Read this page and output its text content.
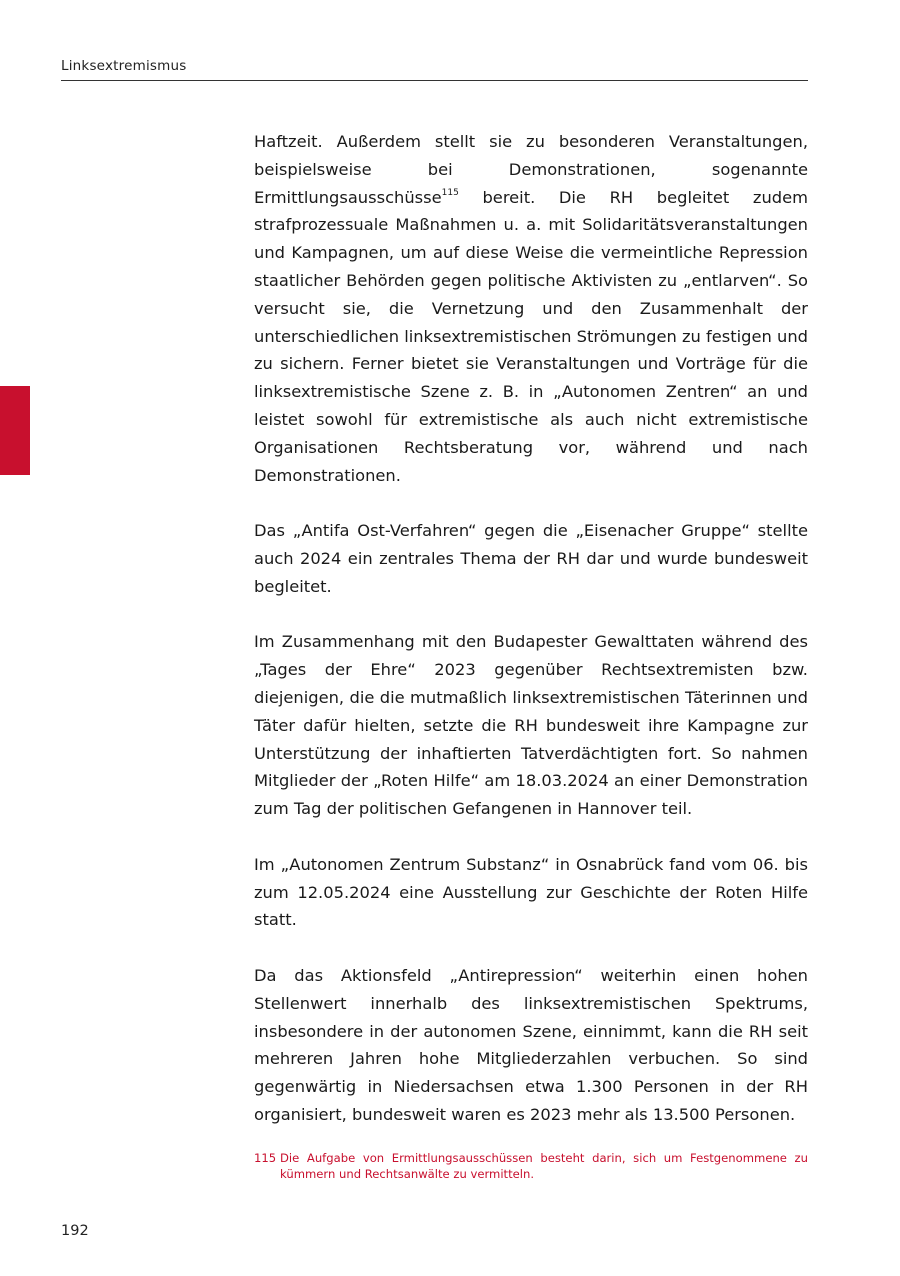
Linksextremismus

Haftzeit. Außerdem stellt sie zu besonderen Veranstaltungen, beispielsweise bei Demonstrationen, sogenannte Ermittlungsausschüsse$^{115}$ bereit. Die RH begleitet zudem strafprozessuale Maßnahmen u. a. mit Solidaritätsveranstaltungen und Kampagnen, um auf diese Weise die vermeintliche Repression staatlicher Behörden gegen politische Aktivisten zu „entlarven“. So versucht sie, die Vernetzung und den Zusammenhalt der unterschiedlichen linksextremistischen Strömungen zu festigen und zu sichern. Ferner bietet sie Veranstaltungen und Vorträge für die linksextremistische Szene z. B. in „Autonomen Zentren“ an und leistet sowohl für extremistische als auch nicht extremistische Organisationen Rechtsberatung vor, während und nach Demonstrationen.

Das „Antifa Ost-Verfahren“ gegen die „Eisenacher Gruppe“ stellte auch 2024 ein zentrales Thema der RH dar und wurde bundesweit begleitet.

Im Zusammenhang mit den Budapester Gewalttaten während des „Tages der Ehre“ 2023 gegenüber Rechtsextremisten bzw. diejenigen, die die mutmaßlich linksextremistischen Täterinnen und Täter dafür hielten, setzte die RH bundesweit ihre Kampagne zur Unterstützung der inhaftierten Tatverdächtigten fort. So nahmen Mitglieder der „Roten Hilfe“ am 18.03.2024 an einer Demonstration zum Tag der politischen Gefangenen in Hannover teil.

Im „Autonomen Zentrum Substanz“ in Osnabrück fand vom 06. bis zum 12.05.2024 eine Ausstellung zur Geschichte der Roten Hilfe statt.

Da das Aktionsfeld „Antirepression“ weiterhin einen hohen Stellenwert innerhalb des linksextremistischen Spektrums, insbesondere in der autonomen Szene, einnimmt, kann die RH seit mehreren Jahren hohe Mitgliederzahlen verbuchen. So sind gegenwärtig in Niedersachsen etwa 1.300 Personen in der RH organisiert, bundesweit waren es 2023 mehr als 13.500 Personen.

115 Die Aufgabe von Ermittlungsausschüssen besteht darin, sich um Festgenommene zu kümmern und Rechtsanwälte zu vermitteln.
192
